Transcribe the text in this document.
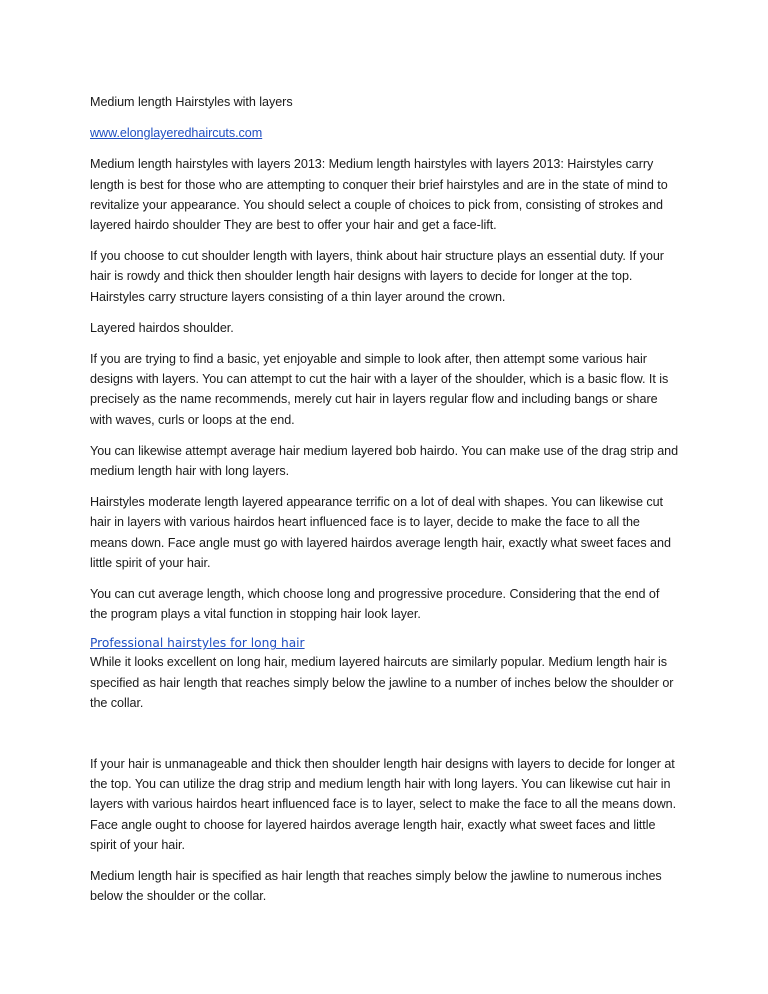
Medium length Hairstyles with layers

www.elonglayeredhaircuts.com

Medium length hairstyles with layers 2013: Medium length hairstyles with layers 2013: Hairstyles carry length is best for those who are attempting to conquer their brief hairstyles and are in the state of mind to revitalize your appearance. You should select a couple of choices to pick from, consisting of strokes and layered hairdo shoulder They are best to offer your hair and get a face-lift.

If you choose to cut shoulder length with layers, think about hair structure plays an essential duty. If your hair is rowdy and thick then shoulder length hair designs with layers to decide for longer at the top. Hairstyles carry structure layers consisting of a thin layer around the crown.

Layered hairdos shoulder.

If you are trying to find a basic, yet enjoyable and simple to look after, then attempt some various hair designs with layers. You can attempt to cut the hair with a layer of the shoulder, which is a basic flow. It is precisely as the name recommends, merely cut hair in layers regular flow and including bangs or share with waves, curls or loops at the end.

You can likewise attempt average hair medium layered bob hairdo. You can make use of the drag strip and medium length hair with long layers.

Hairstyles moderate length layered appearance terrific on a lot of deal with shapes. You can likewise cut hair in layers with various hairdos heart influenced face is to layer, decide to make the face to all the means down. Face angle must go with layered hairdos average length hair, exactly what sweet faces and little spirit of your hair.

You can cut average length, which choose long and progressive procedure. Considering that the end of the program plays a vital function in stopping hair look layer.

Professional hairstyles for long hair

While it looks excellent on long hair, medium layered haircuts are similarly popular. Medium length hair is specified as hair length that reaches simply below the jawline to a number of inches below the shoulder or the collar.

If your hair is unmanageable and thick then shoulder length hair designs with layers to decide for longer at the top. You can utilize the drag strip and medium length hair with long layers. You can likewise cut hair in layers with various hairdos heart influenced face is to layer, select to make the face to all the means down. Face angle ought to choose for layered hairdos average length hair, exactly what sweet faces and little spirit of your hair.

Medium length hair is specified as hair length that reaches simply below the jawline to numerous inches below the shoulder or the collar.
